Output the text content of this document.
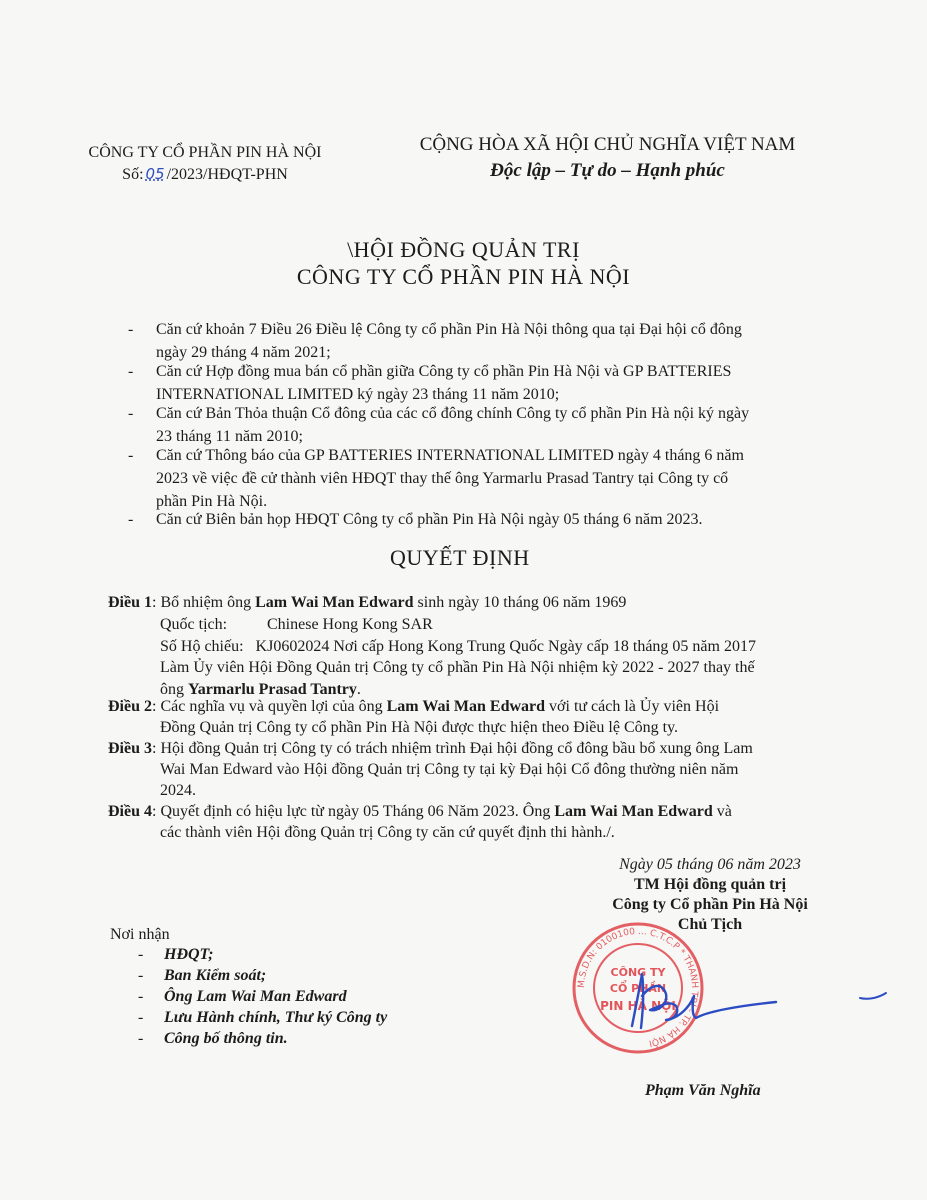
CÔNG TY CỔ PHẦN PIN HÀ NỘI
Số: 05 /2023/HĐQT-PHN
CỘNG HÒA XÃ HỘI CHỦ NGHĨA VIỆT NAM
Độc lập – Tự do – Hạnh phúc
\HỘI ĐỒNG QUẢN TRỊ
CÔNG TY CỔ PHẦN PIN HÀ NỘI
- Căn cứ khoản 7 Điều 26 Điều lệ Công ty cổ phần Pin Hà Nội thông qua tại Đại hội cổ đông
ngày 29 tháng 4 năm 2021;
- Căn cứ Hợp đồng mua bán cổ phần giữa Công ty cổ phần Pin Hà Nội và GP BATTERIES
INTERNATIONAL LIMITED ký ngày 23 tháng 11 năm 2010;
- Căn cứ Bản Thỏa thuận Cổ đông của các cổ đông chính Công ty cổ phần Pin Hà nội ký ngày
23 tháng 11 năm 2010;
- Căn cứ Thông báo của GP BATTERIES INTERNATIONAL LIMITED ngày 4 tháng 6 năm
2023 về việc đề cử thành viên HĐQT thay thế ông Yarmarlu Prasad Tantry tại Công ty cổ
phần Pin Hà Nội.
- Căn cứ Biên bản họp HĐQT Công ty cổ phần Pin Hà Nội ngày 05 tháng 6 năm 2023.
QUYẾT ĐỊNH
Điều 1: Bổ nhiệm ông Lam Wai Man Edward sinh ngày 10 tháng 06 năm 1969
Quốc tịch: Chinese Hong Kong SAR
Số Hộ chiếu: KJ0602024 Nơi cấp Hong Kong Trung Quốc Ngày cấp 18 tháng 05 năm 2017
Làm Ủy viên Hội Đồng Quản trị Công ty cổ phần Pin Hà Nội nhiệm kỳ 2022 - 2027 thay thế
ông Yarmarlu Prasad Tantry.
Điều 2: Các nghĩa vụ và quyền lợi của ông Lam Wai Man Edward với tư cách là Ủy viên Hội
Đồng Quản trị Công ty cổ phần Pin Hà Nội được thực hiện theo Điều lệ Công ty.
Điều 3: Hội đồng Quản trị Công ty có trách nhiệm trình Đại hội đồng cổ đông bầu bổ xung ông Lam
Wai Man Edward vào Hội đồng Quản trị Công ty tại kỳ Đại hội Cổ đông thường niên năm
2024.
Điều 4: Quyết định có hiệu lực từ ngày 05 Tháng 06 Năm 2023. Ông Lam Wai Man Edward và
các thành viên Hội đồng Quản trị Công ty căn cứ quyết định thi hành./.
Ngày 05 tháng 06 năm 2023
TM Hội đồng quản trị
Công ty Cổ phần Pin Hà Nội
Chủ Tịch
M.S.D.N: 0100100 ... C.T.C.P * THANH TRÌ - TP. HÀ NỘI
CÔNG TY
CỔ PHẦN
PIN HÀ NỘI
Phạm Văn Nghĩa
Nơi nhận
- HĐQT;
- Ban Kiểm soát;
- Ông Lam Wai Man Edward
- Lưu Hành chính, Thư ký Công ty
- Công bố thông tin.
